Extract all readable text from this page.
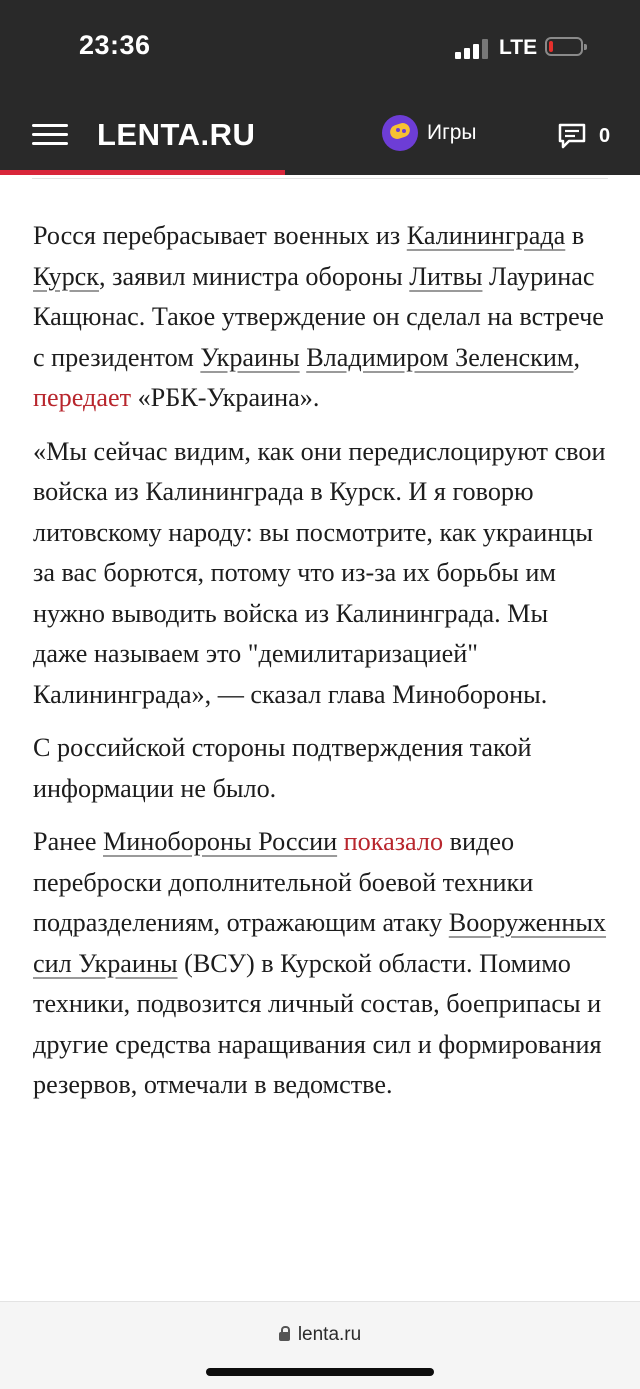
23:36	LTE
LENTA.RU	Игры	0

Росся перебрасывает военных из Калининграда в Курск, заявил министра обороны Литвы Лауринас Кащюнас. Такое утверждение он сделал на встрече с президентом Украины Владимиром Зеленским, передает «РБК-Украина».

«Мы сейчас видим, как они передислоцируют свои войска из Калининграда в Курск. И я говорю литовскому народу: вы посмотрите, как украинцы за вас борются, потому что из-за их борьбы им нужно выводить войска из Калининграда. Мы даже называем это "демилитаризацией" Калининграда», — сказал глава Минобороны.

С российской стороны подтверждения такой информации не было.

Ранее Минобороны России показало видео переброски дополнительной боевой техники подразделениям, отражающим атаку Вооруженных сил Украины (ВСУ) в Курской области. Помимо техники, подвозится личный состав, боеприпасы и другие средства наращивания сил и формирования резервов, отмечали в ведомстве.

lenta.ru
